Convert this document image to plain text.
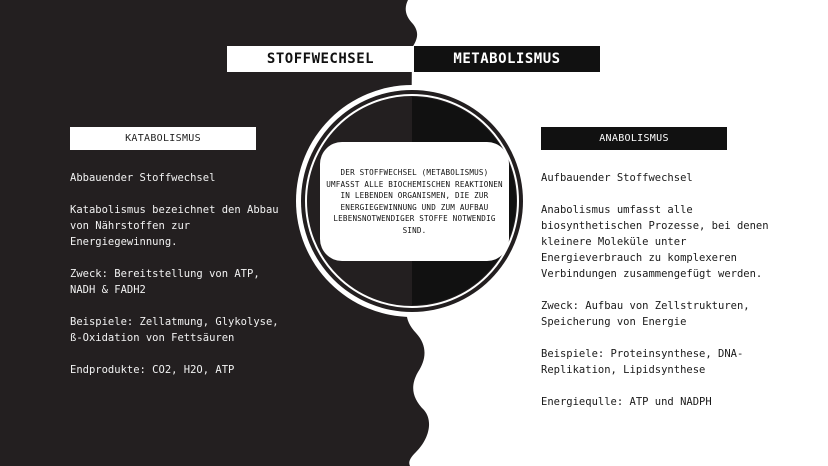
STOFFWECHSEL	METABOLISMUS
DER STOFFWECHSEL (METABOLISMUS) UMFASST ALLE BIOCHEMISCHEN REAKTIONEN IN LEBENDEN ORGANISMEN, DIE ZUR ENERGIEGEWINNUNG UND ZUM AUFBAU LEBENSNOTWENDIGER STOFFE NOTWENDIG SIND.
KATABOLISMUS	ANABOLISMUS

Abbauender Stoffwechsel

Katabolismus bezeichnet den Abbau von Nährstoffen zur Energiegewinnung.

Zweck: Bereitstellung von ATP, NADH & FADH2

Beispiele: Zellatmung, Glykolyse, ß-Oxidation von Fettsäuren

Endprodukte: CO2, H2O, ATP

Aufbauender Stoffwechsel

Anabolismus umfasst alle biosynthetischen Prozesse, bei denen kleinere Moleküle unter Energieverbrauch zu komplexeren Verbindungen zusammengefügt werden.

Zweck: Aufbau von Zellstrukturen, Speicherung von Energie

Beispiele: Proteinsynthese, DNA-Replikation, Lipidsynthese

Energiequlle: ATP und NADPH
